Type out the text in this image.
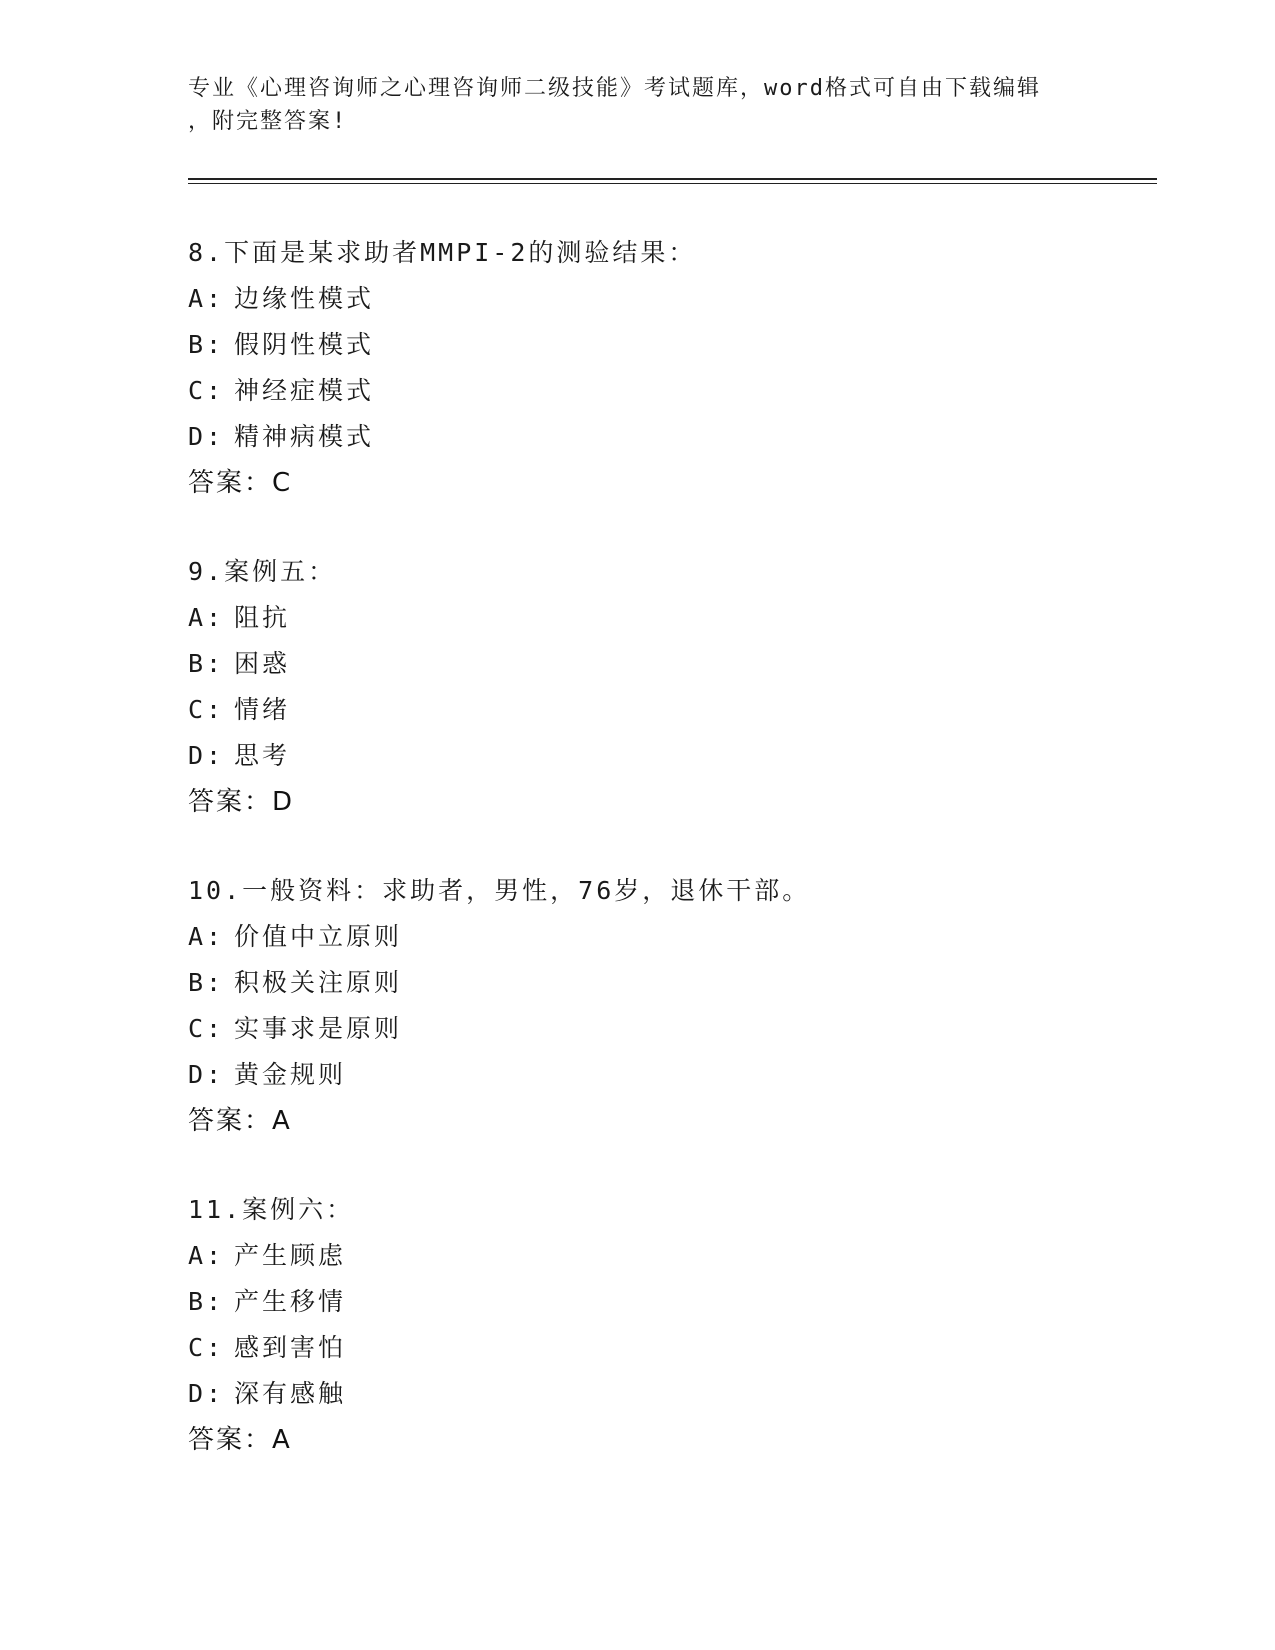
专业《心理咨询师之心理咨询师二级技能》考试题库，word格式可自由下载编辑
，附完整答案!
8.下面是某求助者MMPI-2的测验结果：
A: 边缘性模式
B: 假阴性模式
C: 神经症模式
D: 精神病模式
答案：C
9.案例五：
A: 阻抗
B: 困惑
C: 情绪
D: 思考
答案：D
10.一般资料：求助者，男性，76岁，退休干部。
A: 价值中立原则
B: 积极关注原则
C: 实事求是原则
D: 黄金规则
答案：A
11.案例六：
A: 产生顾虑
B: 产生移情
C: 感到害怕
D: 深有感触
答案：A
